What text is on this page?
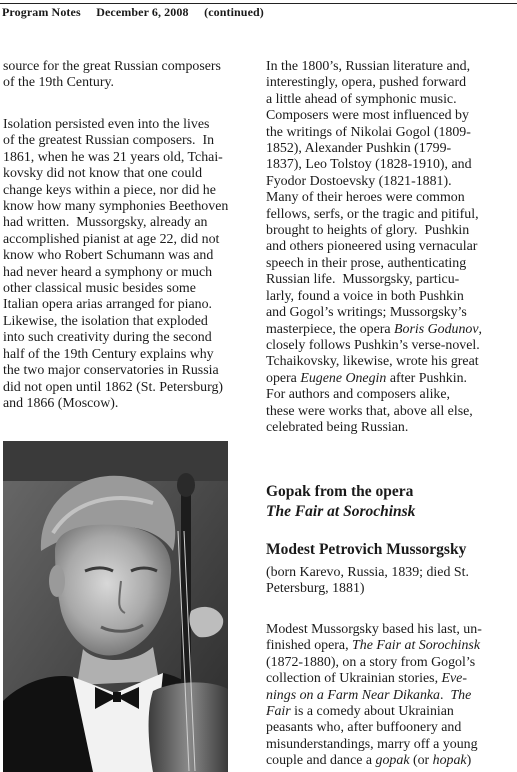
Program Notes December 6, 2008 (continued)
source for the great Russian composers
of the 19th Century.
Isolation persisted even into the lives
of the greatest Russian composers.  In
1861, when he was 21 years old, Tchai-
kovsky did not know that one could
change keys within a piece, nor did he
know how many symphonies Beethoven
had written.  Mussorgsky, already an
accomplished pianist at age 22, did not
know who Robert Schumann was and
had never heard a symphony or much
other classical music besides some
Italian opera arias arranged for piano.
Likewise, the isolation that exploded
into such creativity during the second
half of the 19th Century explains why
the two major conservatories in Russia
did not open until 1862 (St. Petersburg)
and 1866 (Moscow).
In the 1800’s, Russian literature and,
interestingly, opera, pushed forward
a little ahead of symphonic music.
Composers were most influenced by
the writings of Nikolai Gogol (1809-
1852), Alexander Pushkin (1799-
1837), Leo Tolstoy (1828-1910), and
Fyodor Dostoevsky (1821-1881).
Many of their heroes were common
fellows, serfs, or the tragic and pitiful,
brought to heights of glory.  Pushkin
and others pioneered using vernacular
speech in their prose, authenticating
Russian life.  Mussorgsky, particu-
larly, found a voice in both Pushkin
and Gogol’s writings; Mussorgsky’s
masterpiece, the opera Boris Godunov,
closely follows Pushkin’s verse-novel.
Tchaikovsky, likewise, wrote his great
opera Eugene Onegin after Pushkin.
For authors and composers alike,
these were works that, above all else,
celebrated being Russian.
Gopak from the opera
The Fair at Sorochinsk
Modest Petrovich Mussorgsky
(born Karevo, Russia, 1839; died St.
Petersburg, 1881)
Modest Mussorgsky based his last, un-
finished opera, The Fair at Sorochinsk
(1872-1880), on a story from Gogol’s
collection of Ukrainian stories, Eve-
nings on a Farm Near Dikanka.  The
Fair is a comedy about Ukrainian
peasants who, after buffoonery and
misunderstandings, marry off a young
couple and dance a gopak (or hopak)
